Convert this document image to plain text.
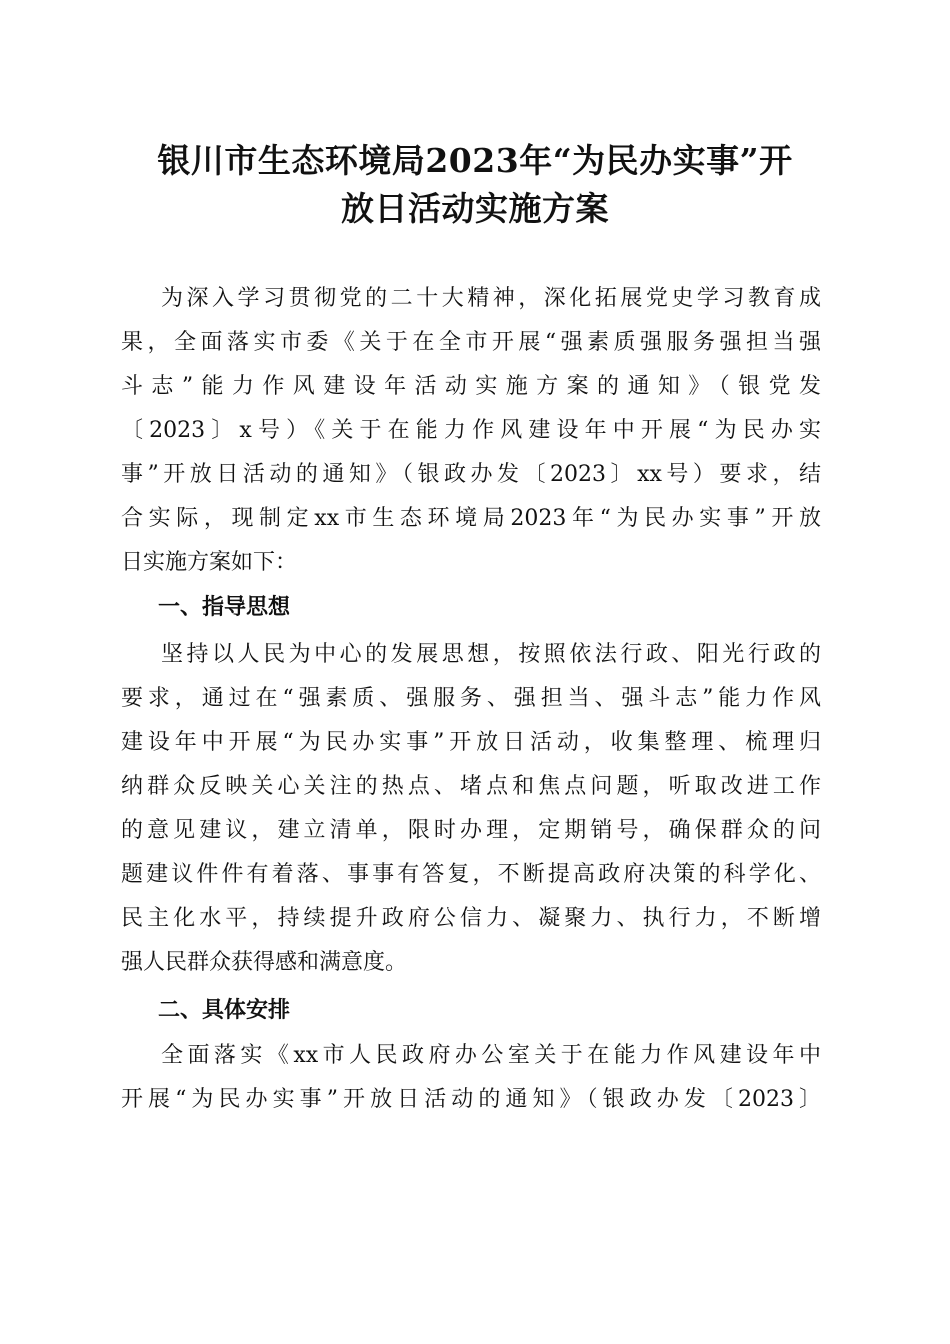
银川市生态环境局2023年“为民办实事”开
放日活动实施方案

为深入学习贯彻党的二十大精神，深化拓展党史学习教育成

果，全面落实市委《关于在全市开展“强素质强服务强担当强

斗志”能力作风建设年活动实施方案的通知》（银党发

〔2023〕x号）《关于在能力作风建设年中开展“为民办实

事”开放日活动的通知》（银政办发〔2023〕xx号）要求，结

合实际，现制定xx市生态环境局2023年“为民办实事”开放

日实施方案如下：

一、指导思想

坚持以人民为中心的发展思想，按照依法行政、阳光行政的

要求，通过在“强素质、强服务、强担当、强斗志”能力作风

建设年中开展“为民办实事”开放日活动，收集整理、梳理归

纳群众反映关心关注的热点、堵点和焦点问题，听取改进工作

的意见建议，建立清单，限时办理，定期销号，确保群众的问

题建议件件有着落、事事有答复，不断提高政府决策的科学化、

民主化水平，持续提升政府公信力、凝聚力、执行力，不断增

强人民群众获得感和满意度。

二、具体安排

全面落实《xx市人民政府办公室关于在能力作风建设年中

开展“为民办实事”开放日活动的通知》（银政办发〔2023〕
